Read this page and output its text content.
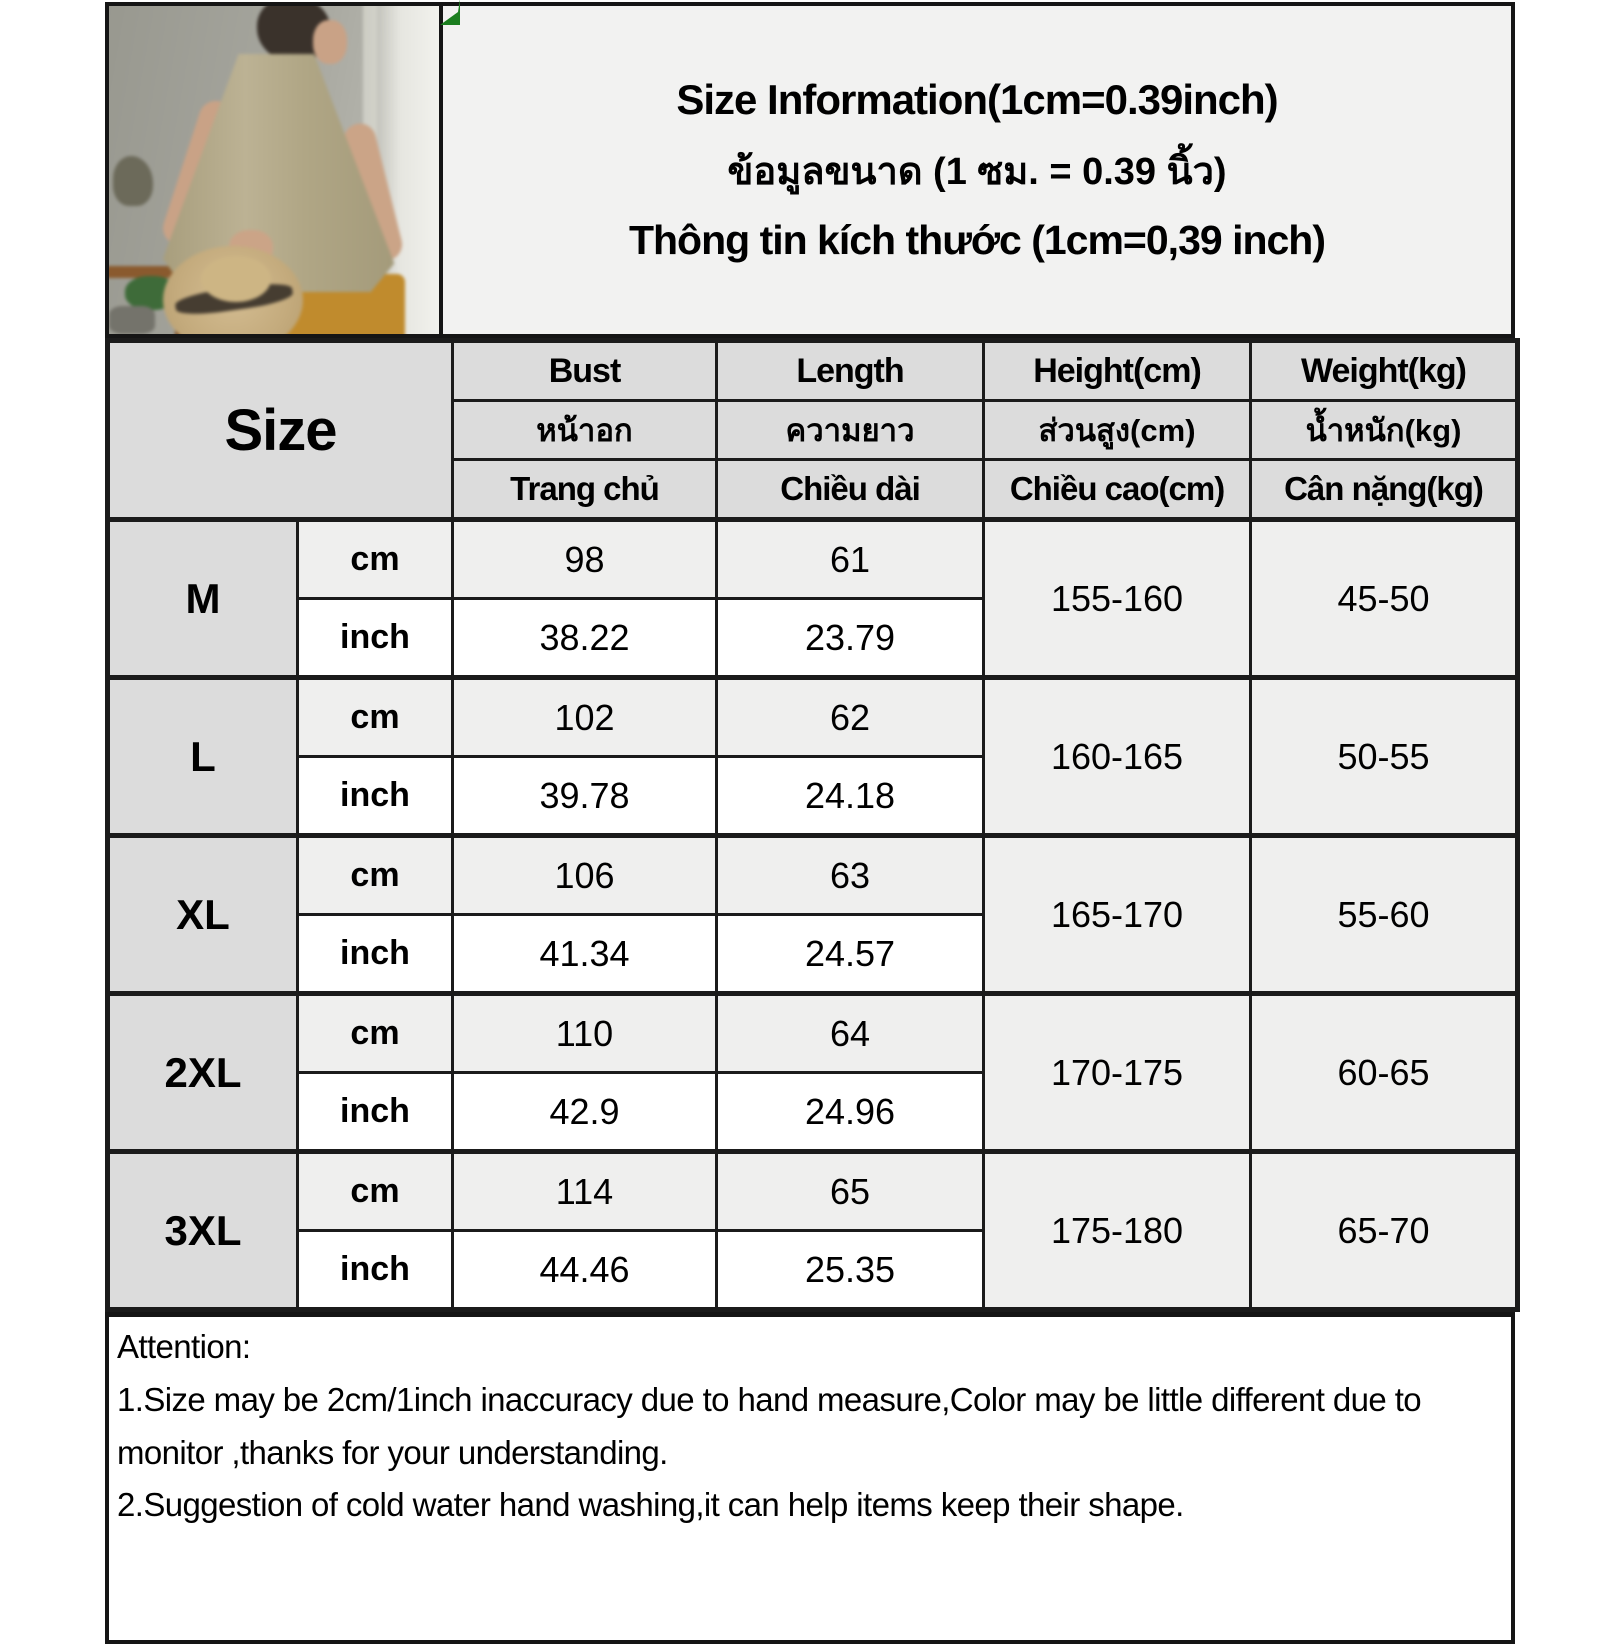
Size Information(1cm=0.39inch)
ข้อมูลขนาด (1 ซม. = 0.39 นิ้ว)
Thông tin kích thước (1cm=0,39 inch)
Size		Bust	Length	Height(cm)	Weight(kg)
		หน้าอก	ความยาว	ส่วนสูง(cm)	น้ำหนัก(kg)
		Trang chủ	Chiều dài	Chiều cao(cm)	Cân nặng(kg)
M	cm	98	61	155-160	45-50
	inch	38.22	23.79		
L	cm	102	62	160-165	50-55
	inch	39.78	24.18		
XL	cm	106	63	165-170	55-60
	inch	41.34	24.57		
2XL	cm	110	64	170-175	60-65
	inch	42.9	24.96		
3XL	cm	114	65	175-180	65-70
	inch	44.46	25.35		
Attention:
1.Size may be 2cm/1inch inaccuracy due to hand measure,Color may be little different due to monitor ,thanks for your understanding.
2.Suggestion of cold water hand washing,it can help items keep their shape.
